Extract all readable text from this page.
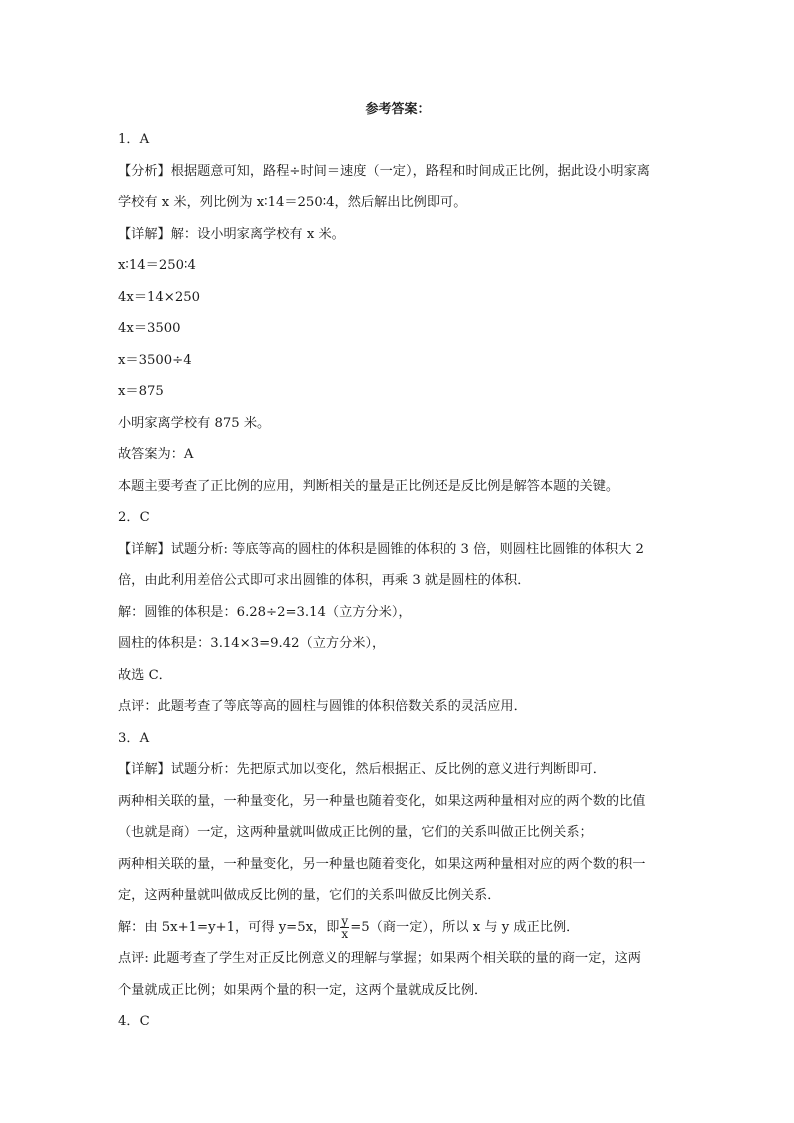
参考答案：
1．A
【分析】根据题意可知，路程÷时间＝速度（一定），路程和时间成正比例，据此设小明家离
学校有 x 米，列比例为 x∶14＝250∶4，然后解出比例即可。
【详解】解：设小明家离学校有 x 米。
x∶14＝250∶4
4x＝14×250
4x＝3500
x＝3500÷4
x＝875
小明家离学校有 875 米。
故答案为：A
本题主要考查了正比例的应用，判断相关的量是正比例还是反比例是解答本题的关键。
2．C
【详解】试题分析: 等底等高的圆柱的体积是圆锥的体积的 3 倍，则圆柱比圆锥的体积大 2
倍，由此利用差倍公式即可求出圆锥的体积，再乘 3 就是圆柱的体积．
解：圆锥的体积是：6.28÷2=3.14（立方分米），
圆柱的体积是：3.14×3=9.42（立方分米），
故选 C．
点评：此题考查了等底等高的圆柱与圆锥的体积倍数关系的灵活应用．
3．A
【详解】试题分析：先把原式加以变化，然后根据正、反比例的意义进行判断即可．
两种相关联的量，一种量变化，另一种量也随着变化，如果这两种量相对应的两个数的比值
（也就是商）一定，这两种量就叫做成正比例的量，它们的关系叫做正比例关系；
两种相关联的量，一种量变化，另一种量也随着变化，如果这两种量相对应的两个数的积一
定，这两种量就叫做成反比例的量，它们的关系叫做反比例关系．
解：由 5x+1=y+1，可得 y=5x，即 $\frac{y}{x} =5$（商一定），所以 x 与 y 成正比例．
点评: 此题考查了学生对正反比例意义的理解与掌握；如果两个相关联的量的商一定，这两
个量就成正比例；如果两个量的积一定，这两个量就成反比例．
4．C
